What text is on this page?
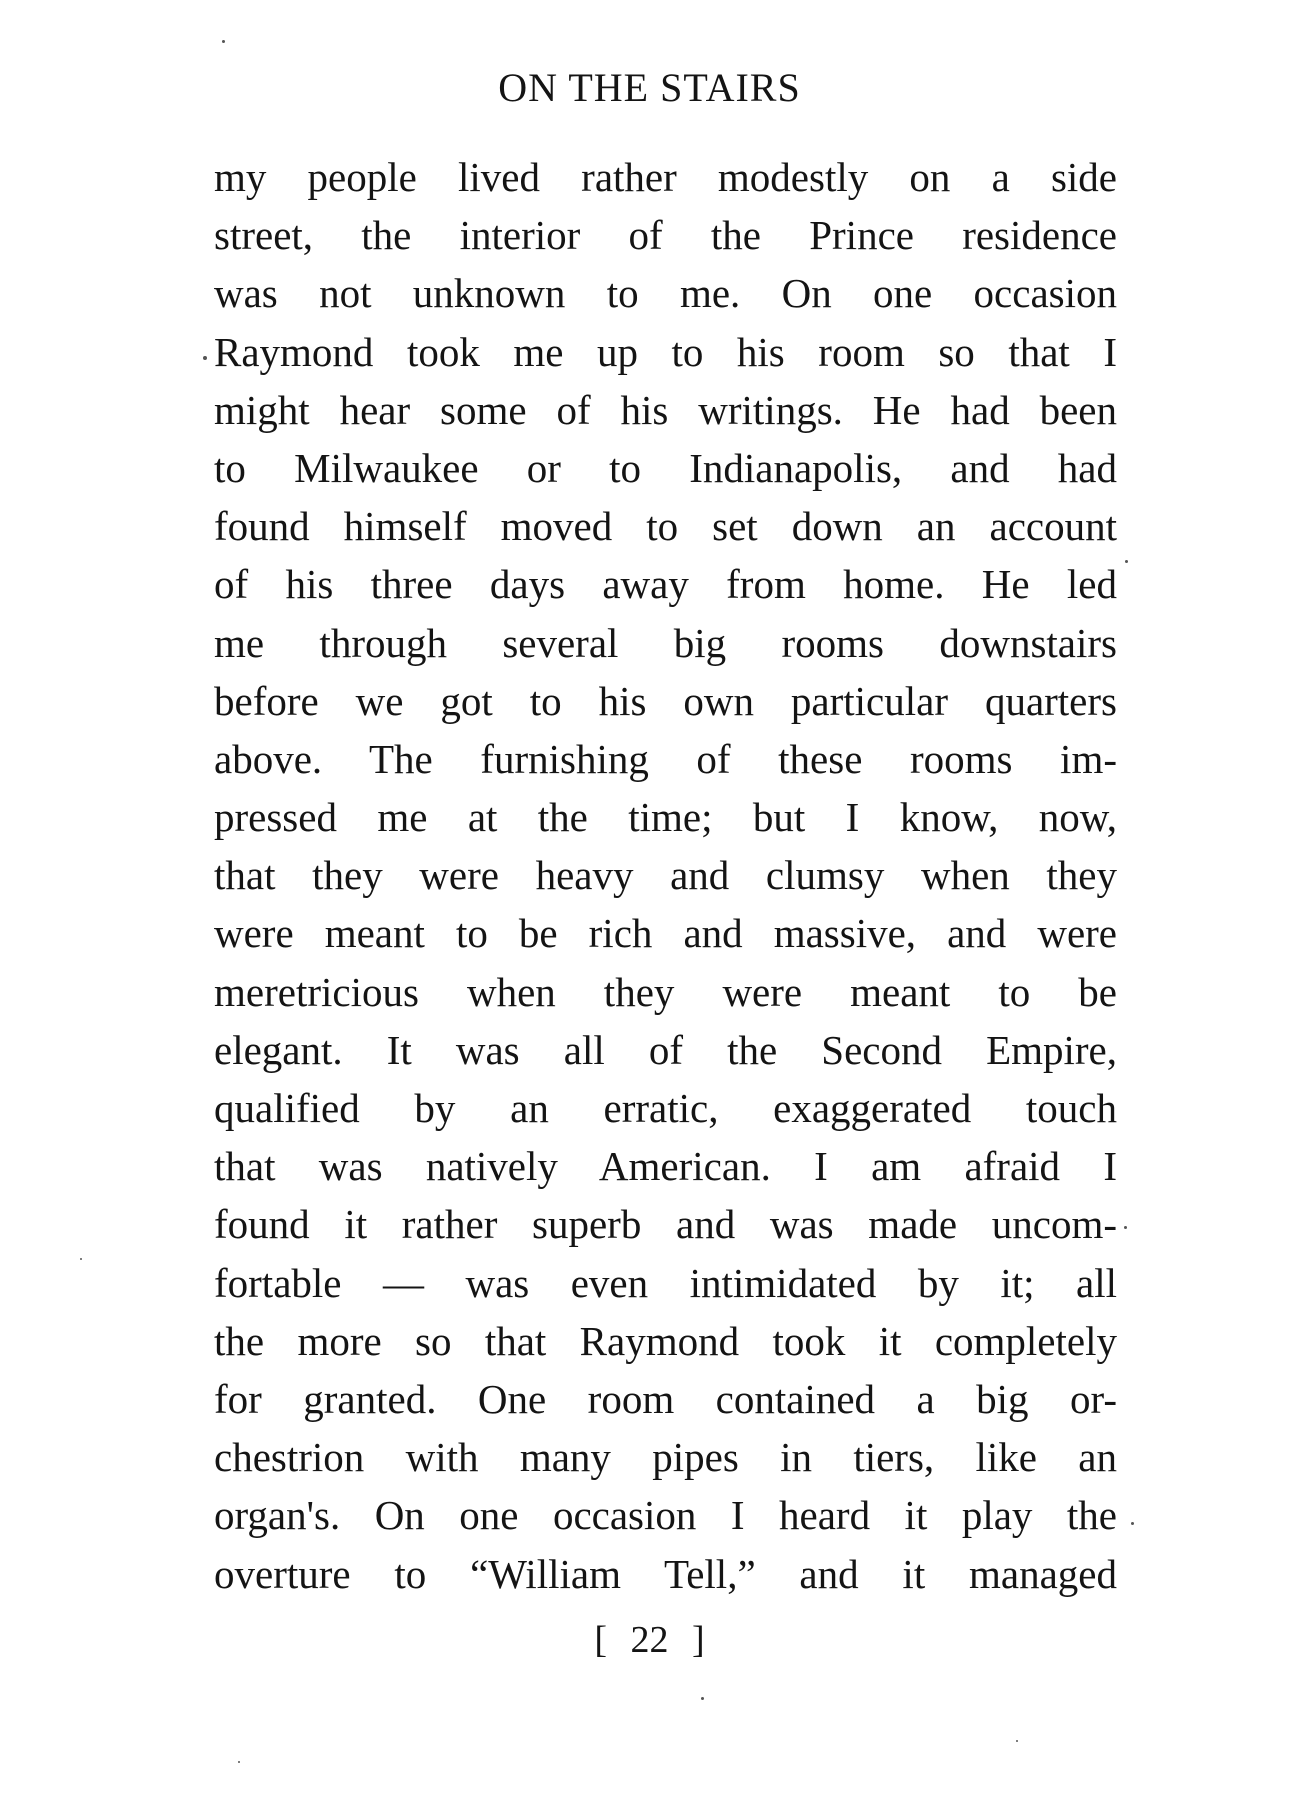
ON THE STAIRS
my people lived rather modestly on a side
street, the interior of the Prince residence
was not unknown to me. On one occasion
Raymond took me up to his room so that I
might hear some of his writings. He had been
to Milwaukee or to Indianapolis, and had
found himself moved to set down an account
of his three days away from home. He led
me through several big rooms downstairs
before we got to his own particular quarters
above. The furnishing of these rooms im-
pressed me at the time; but I know, now,
that they were heavy and clumsy when they
were meant to be rich and massive, and were
meretricious when they were meant to be
elegant. It was all of the Second Empire,
qualified by an erratic, exaggerated touch
that was natively American. I am afraid I
found it rather superb and was made uncom-
fortable — was even intimidated by it; all
the more so that Raymond took it completely
for granted. One room contained a big or-
chestrion with many pipes in tiers, like an
organ's. On one occasion I heard it play the
overture to “William Tell,” and it managed
[ 22 ]
